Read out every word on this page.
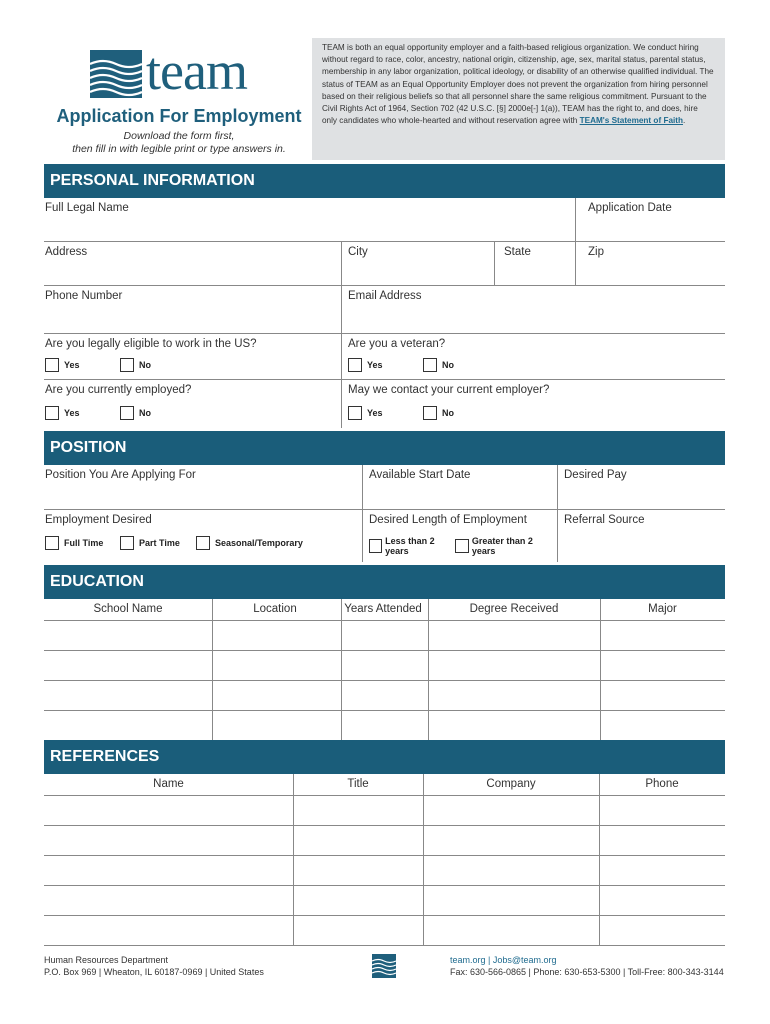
team
Application For Employment
Download the form first,
then fill in with legible print or type answers in.
TEAM is both an equal opportunity employer and a faith-based religious organization. We conduct hiring without regard to race, color, ancestry, national origin, citizenship, age, sex, marital status, parental status, membership in any labor organization, political ideology, or disability of an otherwise qualified individual. The status of TEAM as an Equal Opportunity Employer does not prevent the organization from hiring personnel based on their religious beliefs so that all personnel share the same religious commitment. Pursuant to the Civil Rights Act of 1964, Section 702 (42 U.S.C. [§] 2000e[-] 1(a)), TEAM has the right to, and does, hire only candidates who whole-hearted and without reservation agree with TEAM's Statement of Faith.
PERSONAL INFORMATION
Full Legal Name	Application Date
Address	City	State	Zip
Phone Number	Email Address
Are you legally eligible to work in the US?
Yes	No
Are you a veteran?
Yes	No
Are you currently employed?
Yes	No
May we contact your current employer?
Yes	No
POSITION
Position You Are Applying For	Available Start Date	Desired Pay
Employment Desired
Full Time	Part Time	Seasonal/Temporary
Desired Length of Employment
Less than 2 years
Greater than 2 years
Referral Source
EDUCATION
School Name	Location	Years Attended	Degree Received	Major
REFERENCES
Name	Title	Company	Phone
Human Resources Department
P.O. Box 969 | Wheaton, IL 60187-0969 | United States
team.org | Jobs@team.org
Fax: 630-566-0865 | Phone: 630-653-5300 | Toll-Free: 800-343-3144
